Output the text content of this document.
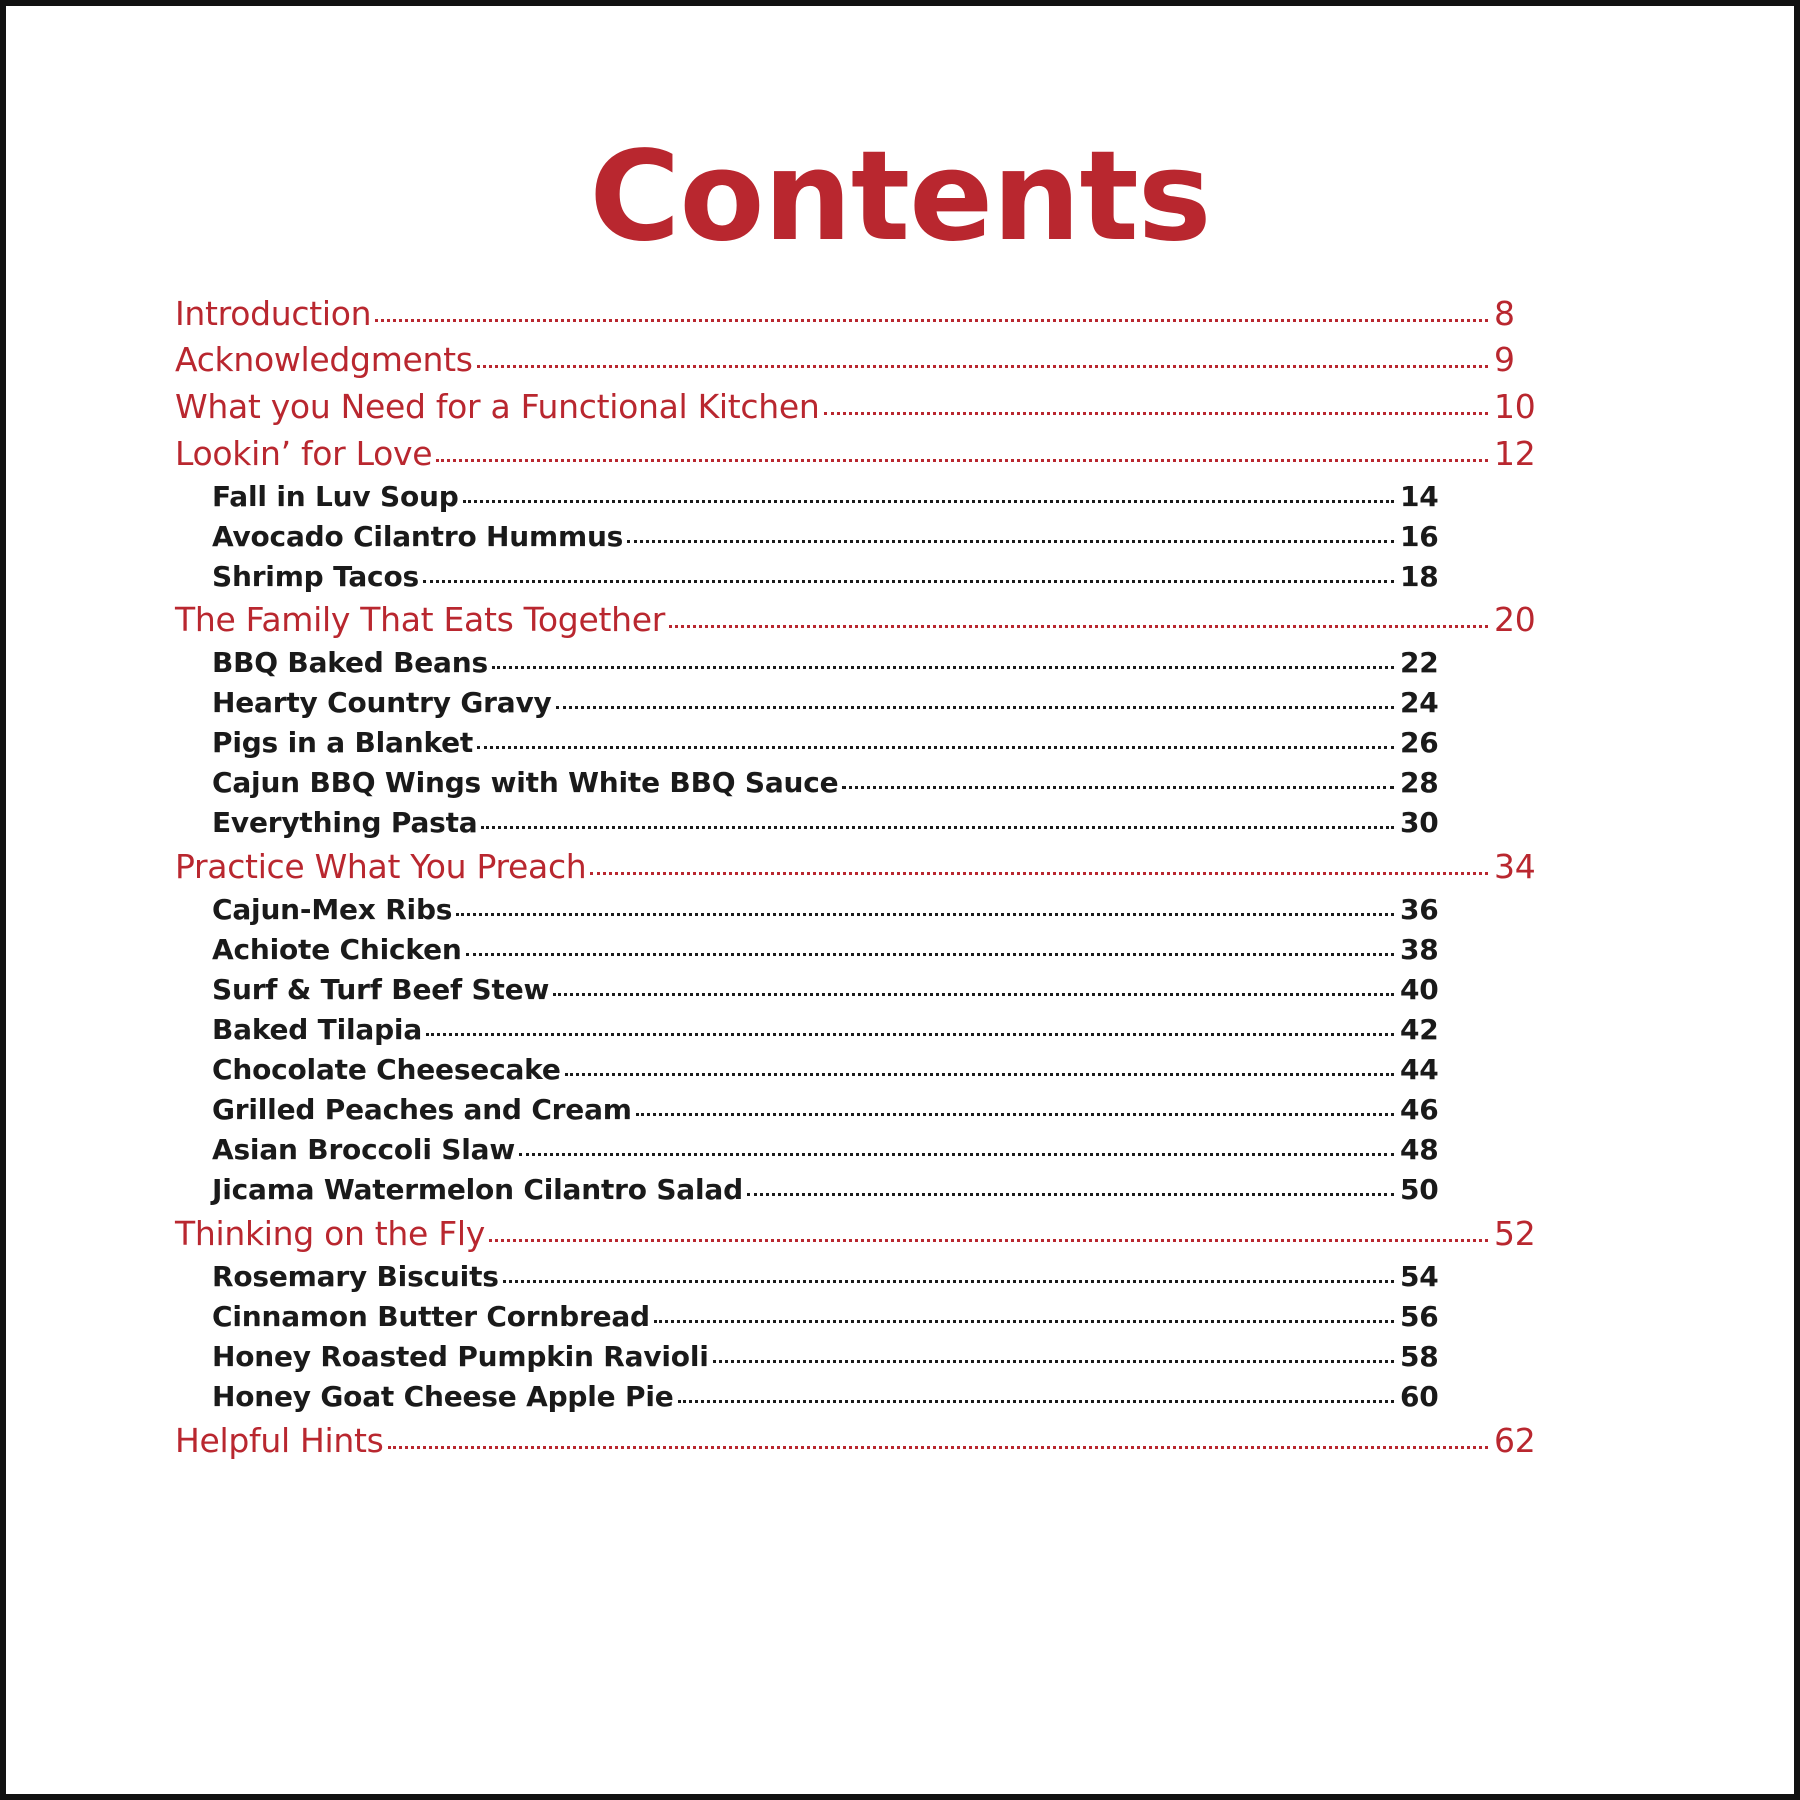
Contents
Introduction	8
Acknowledgments	9
What you Need for a Functional Kitchen	10
Lookin’ for Love	12
Fall in Luv Soup	14
Avocado Cilantro Hummus	16
Shrimp Tacos	18
The Family That Eats Together	20
BBQ Baked Beans	22
Hearty Country Gravy	24
Pigs in a Blanket	26
Cajun BBQ Wings with White BBQ Sauce	28
Everything Pasta	30
Practice What You Preach	34
Cajun-Mex Ribs	36
Achiote Chicken	38
Surf & Turf Beef Stew	40
Baked Tilapia	42
Chocolate Cheesecake	44
Grilled Peaches and Cream	46
Asian Broccoli Slaw	48
Jicama Watermelon Cilantro Salad	50
Thinking on the Fly	52
Rosemary Biscuits	54
Cinnamon Butter Cornbread	56
Honey Roasted Pumpkin Ravioli	58
Honey Goat Cheese Apple Pie	60
Helpful Hints	62
